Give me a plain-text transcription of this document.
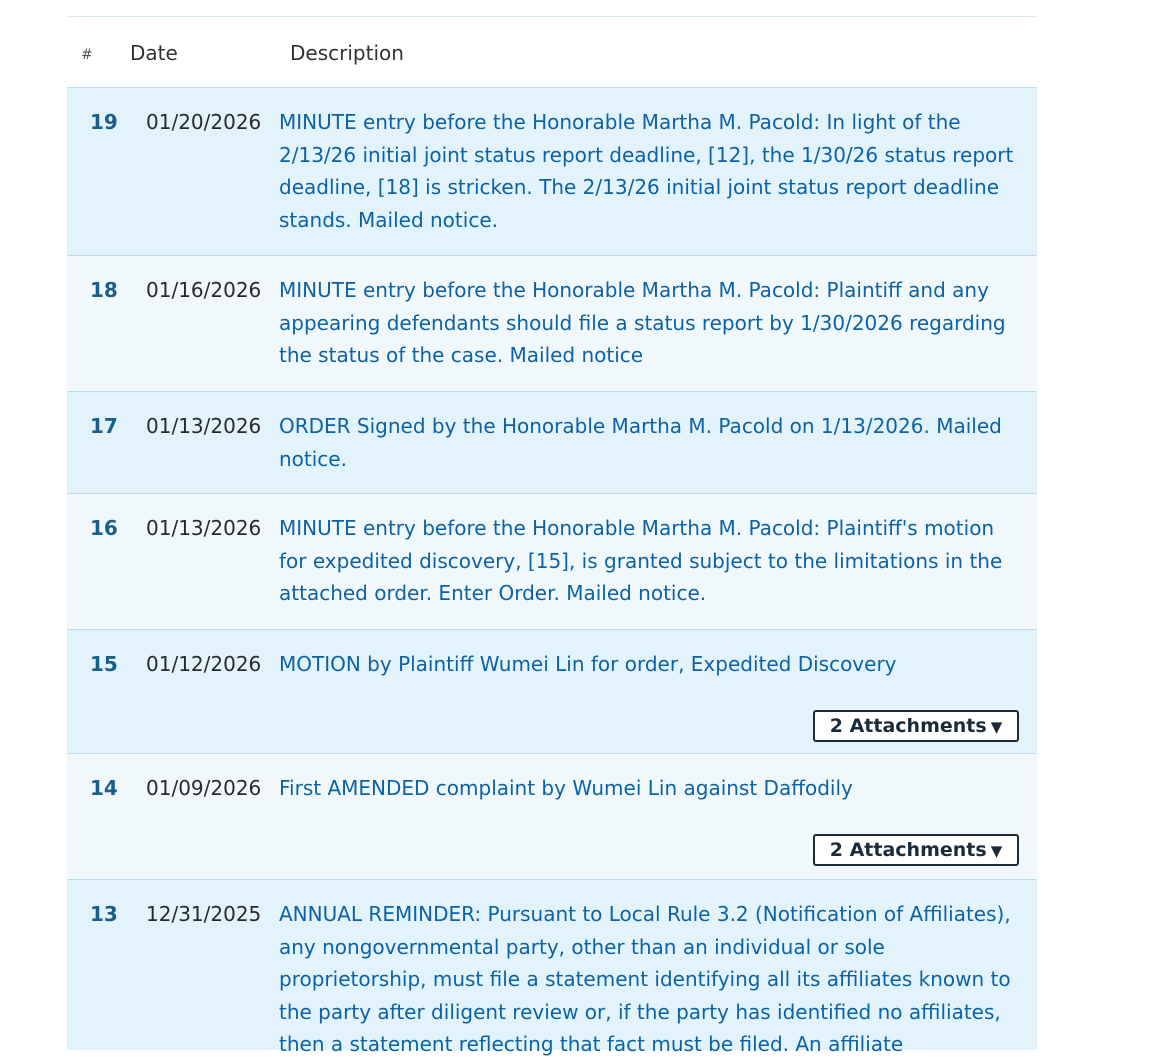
# Date	Description
19 01/20/2026 MINUTE entry before the Honorable Martha M. Pacold: In light of the 2/13/26 initial joint status report deadline, [12], the 1/30/26 status report deadline, [18] is stricken. The 2/13/26 initial joint status report deadline stands. Mailed notice.

18 01/16/2026 MINUTE entry before the Honorable Martha M. Pacold: Plaintiff and any appearing defendants should file a status report by 1/30/2026 regarding the status of the case. Mailed notice

17 01/13/2026 ORDER Signed by the Honorable Martha M. Pacold on 1/13/2026. Mailed notice.

16 01/13/2026 MINUTE entry before the Honorable Martha M. Pacold: Plaintiff's motion for expedited discovery, [15], is granted subject to the limitations in the attached order. Enter Order. Mailed notice.

15 01/12/2026 MOTION by Plaintiff Wumei Lin for order, Expedited Discovery

2 Attachments ▼
14 01/09/2026 First AMENDED complaint by Wumei Lin against Daffodily

2 Attachments ▼
13 12/31/2025 ANNUAL REMINDER: Pursuant to Local Rule 3.2 (Notification of Affiliates), any nongovernmental party, other than an individual or sole proprietorship, must file a statement identifying all its affiliates known to the party after diligent review or, if the party has identified no affiliates, then a statement reflecting that fact must be filed. An affiliate
